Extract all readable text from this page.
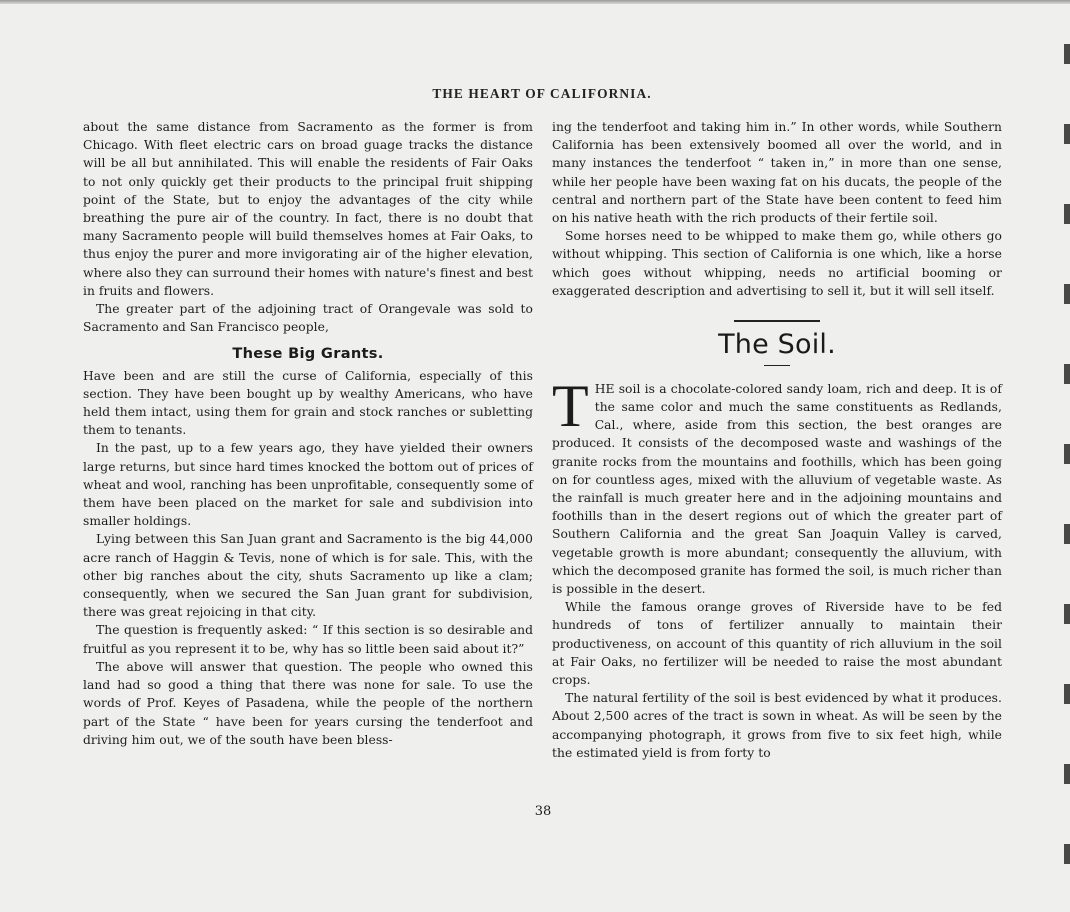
THE HEART OF CALIFORNIA.

about the same distance from Sacramento as the former is from Chicago. With fleet electric cars on broad guage tracks the distance will be all but annihilated. This will enable the residents of Fair Oaks to not only quickly get their products to the principal fruit shipping point of the State, but to enjoy the advantages of the city while breathing the pure air of the country. In fact, there is no doubt that many Sacramento people will build themselves homes at Fair Oaks, to thus enjoy the purer and more invigorating air of the higher elevation, where also they can surround their homes with nature's finest and best in fruits and flowers.

The greater part of the adjoining tract of Orangevale was sold to Sacramento and San Francisco people,

These Big Grants.

Have been and are still the curse of California, especially of this section. They have been bought up by wealthy Americans, who have held them intact, using them for grain and stock ranches or subletting them to tenants.

In the past, up to a few years ago, they have yielded their owners large returns, but since hard times knocked the bottom out of prices of wheat and wool, ranching has been unprofitable, consequently some of them have been placed on the market for sale and subdivision into smaller holdings.

Lying between this San Juan grant and Sacramento is the big 44,000 acre ranch of Haggin & Tevis, none of which is for sale. This, with the other big ranches about the city, shuts Sacramento up like a clam; consequently, when we secured the San Juan grant for subdivision, there was great rejoicing in that city.

The question is frequently asked: “ If this section is so desirable and fruitful as you represent it to be, why has so little been said about it?”

The above will answer that question. The people who owned this land had so good a thing that there was none for sale. To use the words of Prof. Keyes of Pasadena, while the people of the northern part of the State “ have been for years cursing the tenderfoot and driving him out, we of the south have been bless-

ing the tenderfoot and taking him in.” In other words, while Southern California has been extensively boomed all over the world, and in many instances the tenderfoot “ taken in,” in more than one sense, while her people have been waxing fat on his ducats, the people of the central and northern part of the State have been content to feed him on his native heath with the rich products of their fertile soil.

Some horses need to be whipped to make them go, while others go without whipping. This section of California is one which, like a horse which goes without whipping, needs no artificial booming or exaggerated description and advertising to sell it, but it will sell itself.

The Soil.

THE soil is a chocolate-colored sandy loam, rich and deep. It is of the same color and much the same constituents as Redlands, Cal., where, aside from this section, the best oranges are produced. It consists of the decomposed waste and washings of the granite rocks from the mountains and foothills, which has been going on for countless ages, mixed with the alluvium of vegetable waste. As the rainfall is much greater here and in the adjoining mountains and foothills than in the desert regions out of which the greater part of Southern California and the great San Joaquin Valley is carved, vegetable growth is more abundant; consequently the alluvium, with which the decomposed granite has formed the soil, is much richer than is possible in the desert.

While the famous orange groves of Riverside have to be fed hundreds of tons of fertilizer annually to maintain their productiveness, on account of this quantity of rich alluvium in the soil at Fair Oaks, no fertilizer will be needed to raise the most abundant crops.

The natural fertility of the soil is best evidenced by what it produces. About 2,500 acres of the tract is sown in wheat. As will be seen by the accompanying photograph, it grows from five to six feet high, while the estimated yield is from forty to

38
